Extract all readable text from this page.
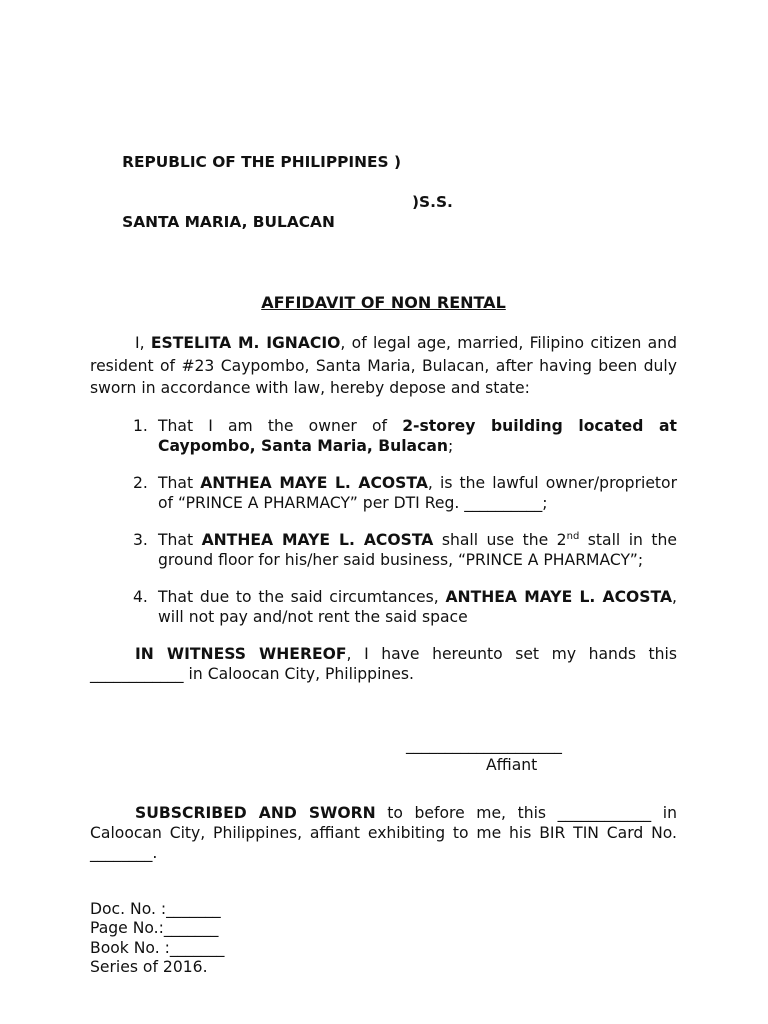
REPUBLIC OF THE PHILIPPINES )

SANTA MARIA, BULACAN

)S.S.

AFFIDAVIT OF NON RENTAL
I, ESTELITA M. IGNACIO, of legal age, married, Filipino citizen and resident of #23 Caypombo, Santa Maria, Bulacan, after having been duly sworn in accordance with law, hereby depose and state:
1. That I am the owner of 2-storey building located at Caypombo, Santa Maria, Bulacan;
2. That ANTHEA MAYE L. ACOSTA, is the lawful owner/proprietor of “PRINCE A PHARMACY” per DTI Reg. __________;
3. That ANTHEA MAYE L. ACOSTA shall use the 2nd stall in the ground floor for his/her said business, “PRINCE A PHARMACY”;
4. That due to the said circumtances, ANTHEA MAYE L. ACOSTA, will not pay and/not rent the said space
IN WITNESS WHEREOF, I have hereunto set my hands this ____________ in Caloocan City, Philippines.
____________________
Affiant
SUBSCRIBED AND SWORN to before me, this ____________ in Caloocan City, Philippines, affiant exhibiting to me his BIR TIN Card No. ________.
Doc. No. :_______
Page No.:_______
Book No. :_______
Series of 2016.
